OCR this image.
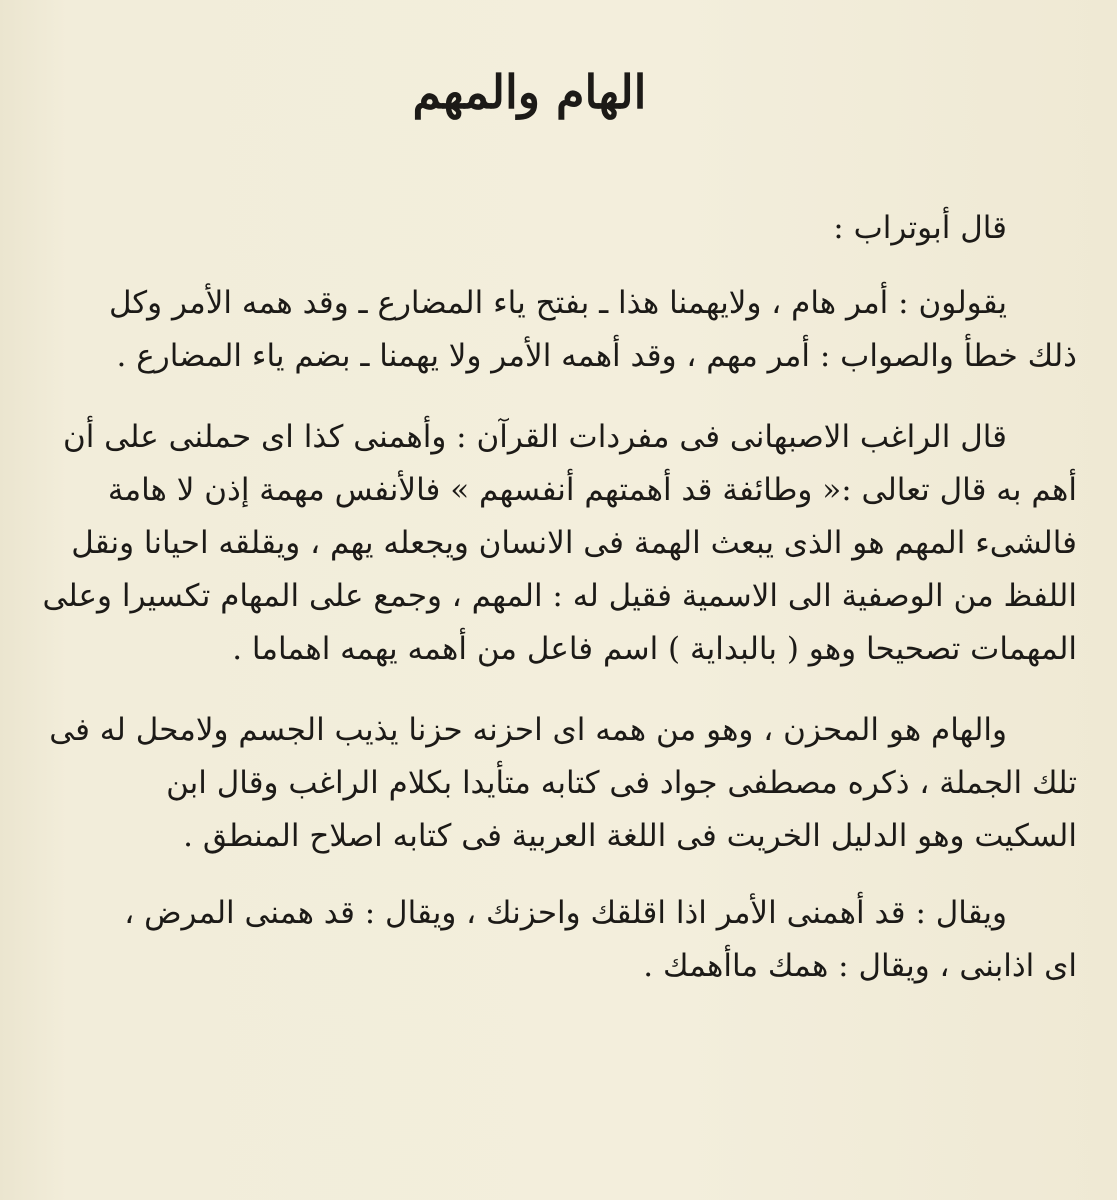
الهام والمهم
قال أبوتراب :

يقولون : أمر هام ، ولايهمنا هذا ـ بفتح ياء المضارع ـ وقد همه الأمر وكل
ذلك خطأ والصواب : أمر مهم ، وقد أهمه الأمر ولا يهمنا ـ بضم ياء المضارع .

قال الراغب الاصبهانى فى مفردات القرآن : وأهمنى كذا اى حملنى على أن
أهم به قال تعالى :« وطائفة قد أهمتهم أنفسهم » فالأنفس مهمة إذن لا هامة
فالشىء المهم هو الذى يبعث الهمة فى الانسان ويجعله يهم ، ويقلقه احيانا ونقل
اللفظ من الوصفية الى الاسمية فقيل له : المهم ، وجمع على المهام تكسيرا وعلى
المهمات تصحيحا وهو ( بالبداية ) اسم فاعل من أهمه يهمه اهماما .

والهام هو المحزن ، وهو من همه اى احزنه حزنا يذيب الجسم ولامحل له فى
تلك الجملة ، ذكره مصطفى جواد فى كتابه متأيدا بكلام الراغب وقال ابن
السكيت وهو الدليل الخريت فى اللغة العربية فى كتابه اصلاح المنطق .

ويقال : قد أهمنى الأمر اذا اقلقك واحزنك ، ويقال : قد همنى المرض ،
اى اذابنى ، ويقال : همك ماأهمك .
